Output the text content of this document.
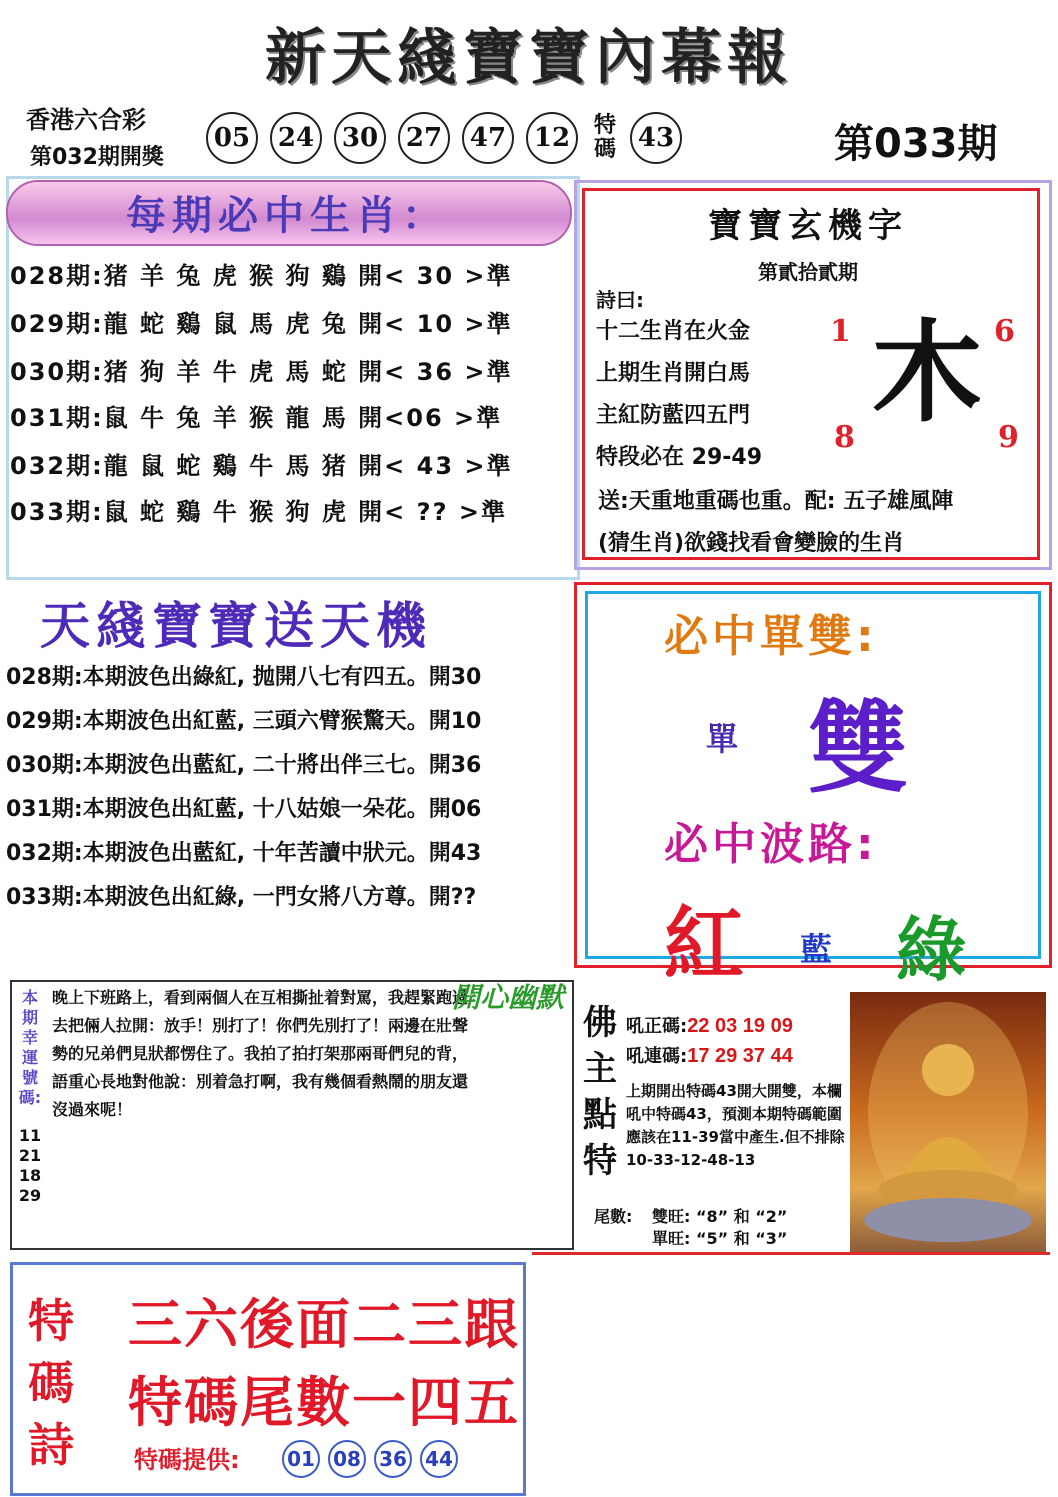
新天綫寶寶內幕報
香港六合彩
第032期開獎
05	24	30	27	47	12	特碼 43	第033期
每期必中生肖：
028期:猪 羊 兔 虎 猴 狗 鷄 開< 30 >準
029期:龍 蛇 鷄 鼠 馬 虎 兔 開< 10 >準
030期:猪 狗 羊 牛 虎 馬 蛇 開< 36 >準
031期:鼠 牛 兔 羊 猴 龍 馬 開<06 >準
032期:龍 鼠 蛇 鷄 牛 馬 猪 開< 43 >準
033期:鼠 蛇 鷄 牛 猴 狗 虎 開< ?? >準
寶寶玄機字
第貳拾貳期
詩曰:
十二生肖在火金
上期生肖開白馬
主紅防藍四五門
特段必在 29-49
1	6
8	9
木
送:天重地重碼也重。配: 五子雄風陣
(猜生肖)欲錢找看會變臉的生肖
天綫寶寶送天機
028期:本期波色出綠紅, 抛開八七有四五。開30
029期:本期波色出紅藍, 三頭六臂猴驚天。開10
030期:本期波色出藍紅, 二十將出伴三七。開36
031期:本期波色出紅藍, 十八姑娘一朵花。開06
032期:本期波色出藍紅, 十年苦讀中狀元。開43
033期:本期波色出紅綠, 一門女將八方尊。開??
必中單雙:
單 雙
必中波路:
紅 藍 綠
本期幸運號碼:
11
21
18
29
晚上下班路上，看到兩個人在互相撕扯着對罵，我趕緊跑過去把倆人拉開：放手！別打了！你們先別打了！兩邊在壯聲勢的兄弟們見狀都愣住了。我拍了拍打架那兩哥們兒的背，語重心長地對他說：別着急打啊，我有幾個看熱鬧的朋友還沒過來呢！
開心幽默
佛主點特
吼正碼:22 03 19 09
吼連碼:17 29 37 44
上期開出特碼43開大開雙，本欄吼中特碼43，預測本期特碼範圍應該在11-39當中產生.但不排除10-33-12-48-13
尾數: 雙旺: “8” 和 “2”
單旺: “5” 和 “3”
特碼詩
三六後面二三跟
特碼尾數一四五
特碼提供: 01 08 36 44
